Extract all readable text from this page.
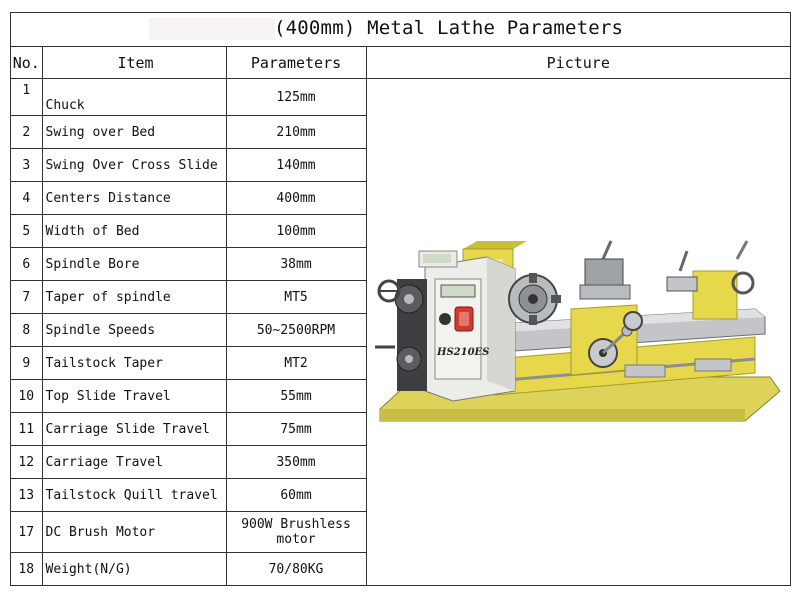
(400mm) Metal Lathe Parameters
No.	Item	Parameters	Picture
1	Chuck	125mm	HS210ES

2	Swing over Bed	210mm	
3	Swing Over Cross Slide	140mm	
4	Centers Distance	400mm	
5	Width of Bed	100mm	
6	Spindle Bore	38mm	
7	Taper of spindle	MT5	
8	Spindle Speeds	50~2500RPM	
9	Tailstock Taper	MT2	
10	Top Slide Travel	55mm	
11	Carriage Slide Travel	75mm	
12	Carriage Travel	350mm	
13	Tailstock Quill travel	60mm	
17	DC Brush Motor	900W Brushless
motor	

18	Weight(N/G)	70/80KG	
